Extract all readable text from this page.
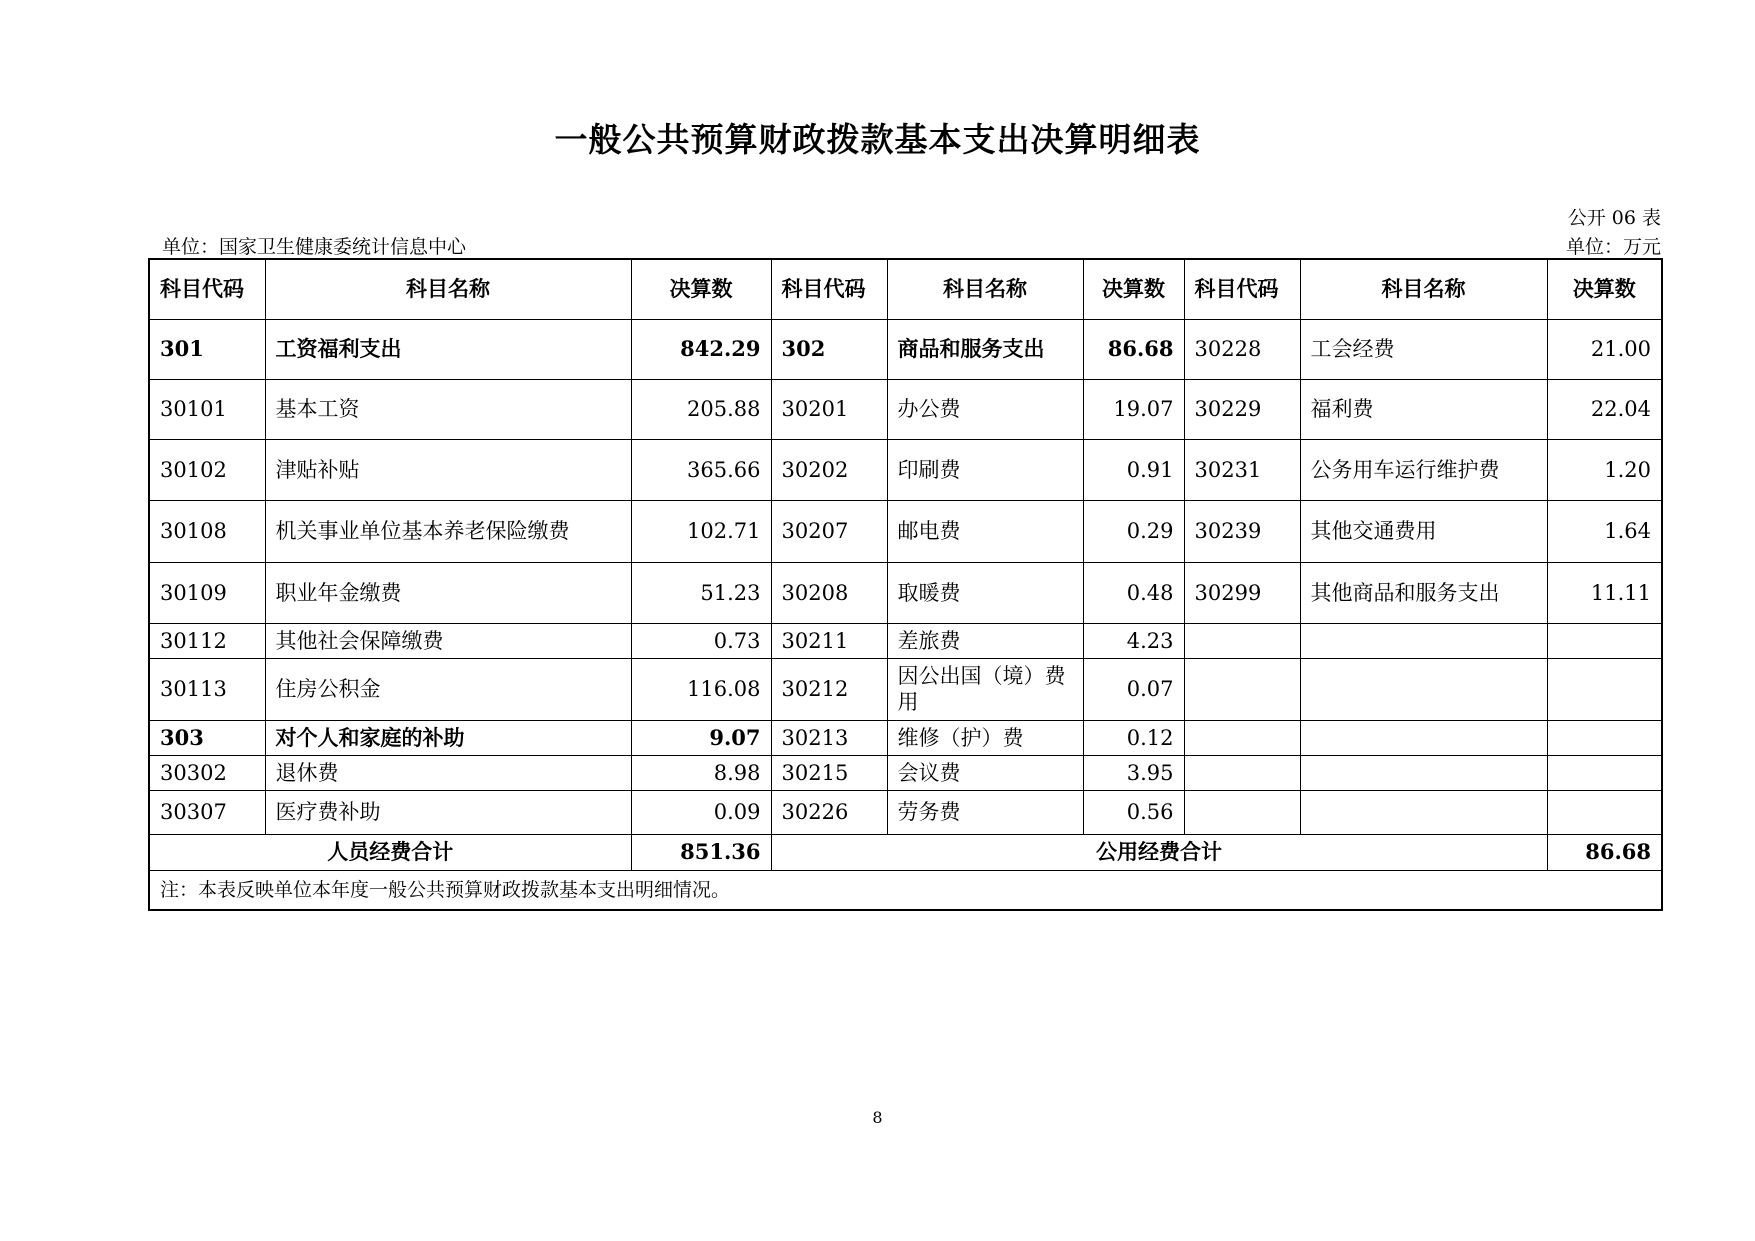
一般公共预算财政拨款基本支出决算明细表
公开 06 表
单位：国家卫生健康委统计信息中心	单位：万元
科目代码	科目名称	决算数	科目代码	科目名称	决算数	科目代码	科目名称	决算数
301	工资福利支出	842.29	302	商品和服务支出	86.68	30228	工会经费	21.00
30101	基本工资	205.88	30201	办公费	19.07	30229	福利费	22.04
30102	津贴补贴	365.66	30202	印刷费	0.91	30231	公务用车运行维护费	1.20
30108	机关事业单位基本养老保险缴费	102.71	30207	邮电费	0.29	30239	其他交通费用	1.64
30109	职业年金缴费	51.23	30208	取暖费	0.48	30299	其他商品和服务支出	11.11
30112	其他社会保障缴费	0.73	30211	差旅费	4.23			
30113	住房公积金	116.08	30212	因公出国（境）费用	0.07			
303	对个人和家庭的补助	9.07	30213	维修（护）费	0.12			
30302	退休费	8.98	30215	会议费	3.95			
30307	医疗费补助	0.09	30226	劳务费	0.56			
人员经费合计		851.36	公用经费合计					86.68
注：本表反映单位本年度一般公共预算财政拨款基本支出明细情况。								
8
